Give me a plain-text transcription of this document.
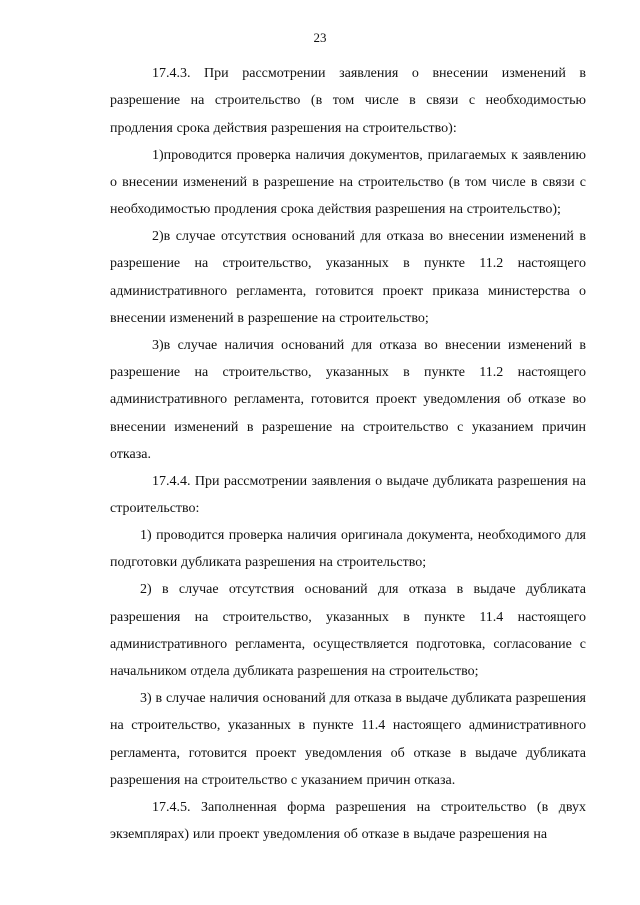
23

17.4.3. При рассмотрении заявления о внесении изменений в разрешение на строительство (в том числе в связи с необходимостью продления срока действия разрешения на строительство):

1)проводится проверка наличия документов, прилагаемых к заявлению о внесении изменений в разрешение на строительство (в том числе в связи с необходимостью продления срока действия разрешения на строительство);

2)в случае отсутствия оснований для отказа во внесении изменений в разрешение на строительство, указанных в пункте 11.2 настоящего административного регламента, готовится проект приказа министерства о внесении изменений в разрешение на строительство;

3)в случае наличия оснований для отказа во внесении изменений в разрешение на строительство, указанных в пункте 11.2 настоящего административного регламента, готовится проект уведомления об отказе во внесении изменений в разрешение на строительство с указанием причин отказа.

17.4.4. При рассмотрении заявления о выдаче дубликата разрешения на строительство:

1) проводится проверка наличия оригинала документа, необходимого для подготовки дубликата разрешения на строительство;

2) в случае отсутствия оснований для отказа в выдаче дубликата разрешения на строительство, указанных в пункте 11.4 настоящего административного регламента, осуществляется подготовка, согласование с начальником отдела дубликата разрешения на строительство;

3) в случае наличия оснований для отказа в выдаче дубликата разрешения на строительство, указанных в пункте 11.4 настоящего административного регламента, готовится проект уведомления об отказе в выдаче дубликата разрешения на строительство с указанием причин отказа.

17.4.5. Заполненная форма разрешения на строительство (в двух экземплярах) или проект уведомления об отказе в выдаче разрешения на
